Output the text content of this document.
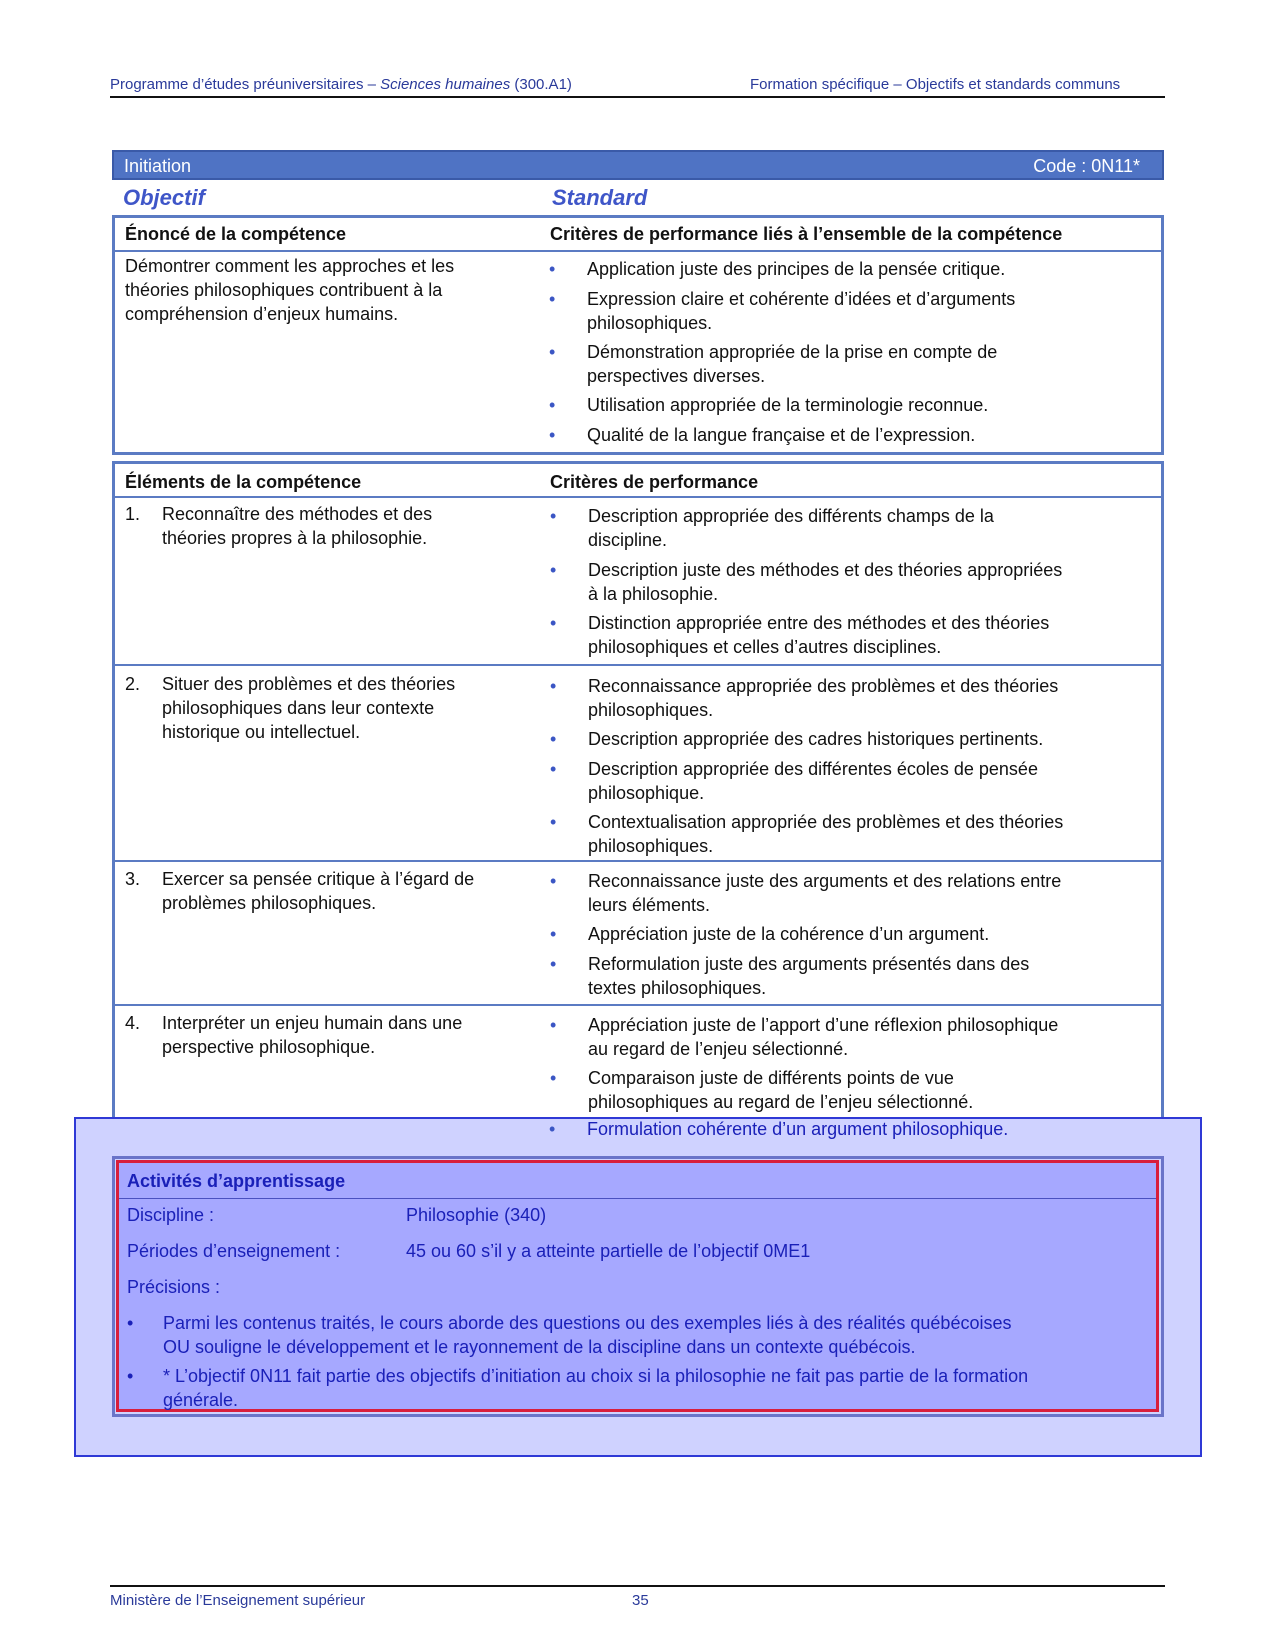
Programme d’études préuniversitaires – Sciences humaines (300.A1)	Formation spécifique – Objectifs et standards communs
Initiation	Code : 0N11*
Objectif	Standard
Énoncé de la compétence	Critères de performance liés à l’ensemble de la compétence
Démontrer comment les approches et les
théories philosophiques contribuent à la
compréhension d’enjeux humains.
• Application juste des principes de la pensée critique.
• Expression claire et cohérente d’idées et d’arguments
philosophiques.
• Démonstration appropriée de la prise en compte de
perspectives diverses.
• Utilisation appropriée de la terminologie reconnue.
• Qualité de la langue française et de l’expression.
Éléments de la compétence	Critères de performance
1. Reconnaître des méthodes et des
théories propres à la philosophie.
• Description appropriée des différents champs de la
discipline.
• Description juste des méthodes et des théories appropriées
à la philosophie.
• Distinction appropriée entre des méthodes et des théories
philosophiques et celles d’autres disciplines.
2. Situer des problèmes et des théories
philosophiques dans leur contexte
historique ou intellectuel.
• Reconnaissance appropriée des problèmes et des théories
philosophiques.
• Description appropriée des cadres historiques pertinents.
• Description appropriée des différentes écoles de pensée
philosophique.
• Contextualisation appropriée des problèmes et des théories
philosophiques.
3. Exercer sa pensée critique à l’égard de
problèmes philosophiques.
• Reconnaissance juste des arguments et des relations entre
leurs éléments.
• Appréciation juste de la cohérence d’un argument.
• Reformulation juste des arguments présentés dans des
textes philosophiques.
4. Interpréter un enjeu humain dans une
perspective philosophique.
• Appréciation juste de l’apport d’une réflexion philosophique
au regard de l’enjeu sélectionné.
• Comparaison juste de différents points de vue
philosophiques au regard de l’enjeu sélectionné.
• Formulation cohérente d’un argument philosophique.
Activités d’apprentissage
Discipline :	Philosophie (340)
Périodes d’enseignement :	45 ou 60 s’il y a atteinte partielle de l’objectif 0ME1
Précisions :
• Parmi les contenus traités, le cours aborde des questions ou des exemples liés à des réalités québécoises
OU souligne le développement et le rayonnement de la discipline dans un contexte québécois.
• * L’objectif 0N11 fait partie des objectifs d’initiation au choix si la philosophie ne fait pas partie de la formation
générale.
Ministère de l’Enseignement supérieur	35
